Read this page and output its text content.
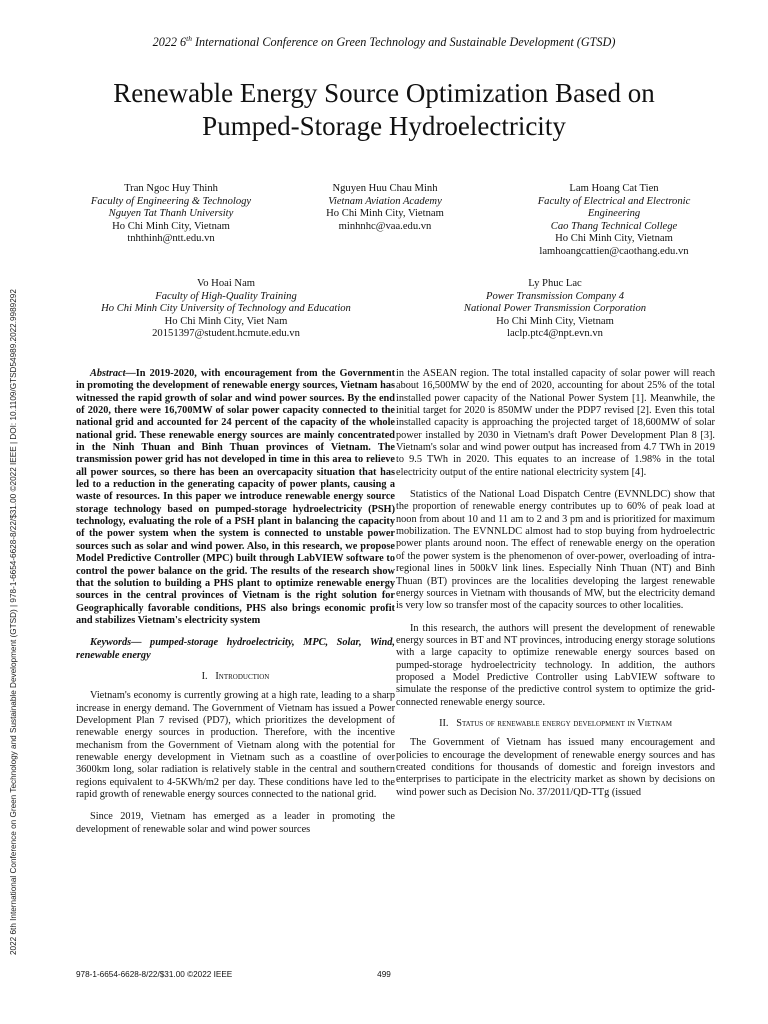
2022 6th International Conference on Green Technology and Sustainable Development (GTSD)
Renewable Energy Source Optimization Based on
Pumped-Storage Hydroelectricity
Tran Ngoc Huy Thinh
Faculty of Engineering & Technology
Nguyen Tat Thanh University
Ho Chi Minh City, Vietnam
tnhthinh@ntt.edu.vn
Nguyen Huu Chau Minh
Vietnam Aviation Academy
Ho Chi Minh City, Vietnam
minhnhc@vaa.edu.vn
Lam Hoang Cat Tien
Faculty of Electrical and Electronic
Engineering
Cao Thang Technical College
Ho Chi Minh City, Vietnam
lamhoangcattien@caothang.edu.vn
Vo Hoai Nam
Faculty of High-Quality Training
Ho Chi Minh City University of Technology and Education
Ho Chi Minh City, Viet Nam
20151397@student.hcmute.edu.vn
Ly Phuc Lac
Power Transmission Company 4
National Power Transmission Corporation
Ho Chi Minh City, Vietnam
laclp.ptc4@npt.evn.vn
2022 6th International Conference on Green Technology and Sustainable Development (GTSD) | 978-1-6654-6628-8/22/$31.00 ©2022 IEEE | DOI: 10.1109/GTSD54989.2022.9989292	Abstract—In 2019-2020, with encouragement from the Government in promoting the development of renewable energy sources, Vietnam has witnessed the rapid growth of solar and wind power sources. By the end of 2020, there were 16,700MW of solar power capacity connected to the national grid and accounted for 24 percent of the capacity of the whole national grid. These renewable energy sources are mainly concentrated in the Ninh Thuan and Binh Thuan provinces of Vietnam. The transmission power grid has not developed in time in this area to relieve all power sources, so there has been an overcapacity situation that has led to a reduction in the generating capacity of power plants, causing a waste of resources. In this paper we introduce renewable energy source storage technology based on pumped-storage hydroelectricity (PSH) technology, evaluating the role of a PSH plant in balancing the capacity of the power system when the system is connected to unstable power sources such as solar and wind power. Also, in this research, we propose Model Predictive Controller (MPC) built through LabVIEW software to control the power balance on the grid. The results of the research show that the solution to building a PHS plant to optimize renewable energy sources in the central provinces of Vietnam is the right solution for Geographically favorable conditions, PHS also brings economic profit and stabilizes Vietnam's electricity system

Keywords— pumped-storage hydroelectricity, MPC, Solar, Wind, renewable energy

I. Introduction

Vietnam's economy is currently growing at a high rate, leading to a sharp increase in energy demand. The Government of Vietnam has issued a Power Development Plan 7 revised (PD7), which prioritizes the development of renewable energy sources in production. Therefore, with the incentive mechanism from the Government of Vietnam along with the potential for renewable energy development in Vietnam such as a coastline of over 3600km long, solar radiation is relatively stable in the central and southern regions equivalent to 4-5KWh/m2 per day. These conditions have led to the rapid growth of renewable energy sources connected to the national grid.

Since 2019, Vietnam has emerged as a leader in promoting the development of renewable solar and wind power sources

in the ASEAN region. The total installed capacity of solar power will reach about 16,500MW by the end of 2020, accounting for about 25% of the total installed power capacity of the National Power System [1]. Meanwhile, the initial target for 2020 is 850MW under the PDP7 revised [2]. Even this total installed capacity is approaching the projected target of 18,600MW of solar power installed by 2030 in Vietnam's draft Power Development Plan 8 [3]. Vietnam's solar and wind power output has increased from 4.7 TWh in 2019 to 9.5 TWh in 2020. This equates to an increase of 1.98% in the total electricity output of the entire national electricity system [4].

Statistics of the National Load Dispatch Centre (EVNNLDC) show that the proportion of renewable energy contributes up to 60% of peak load at noon from about 10 and 11 am to 2 and 3 pm and is prioritized for maximum mobilization. The EVNNLDC almost had to stop buying from hydroelectric power plants around noon. The effect of renewable energy on the operation of the power system is the phenomenon of over-power, overloading of intra-regional lines in 500kV link lines. Especially Ninh Thuan (NT) and Binh Thuan (BT) provinces are the localities developing the largest renewable energy sources in Vietnam with thousands of MW, but the electricity demand is very low so transfer most of the capacity sources to other localities.

In this research, the authors will present the development of renewable energy sources in BT and NT provinces, introducing energy storage solutions with a large capacity to optimize renewable energy sources based on pumped-storage hydroelectricity technology. In addition, the authors proposed a Model Predictive Controller using LabVIEW software to simulate the response of the predictive control system to optimize the grid-connected renewable energy source.

II. Status of renewable energy development in Vietnam

The Government of Vietnam has issued many encouragement and policies to encourage the development of renewable energy sources and has created conditions for thousands of domestic and foreign investors and enterprises to participate in the electricity market as shown by decisions on wind power such as Decision No. 37/2011/QD-TTg (issued

978-1-6654-6628-8/22/$31.00 ©2022 IEEE	499
